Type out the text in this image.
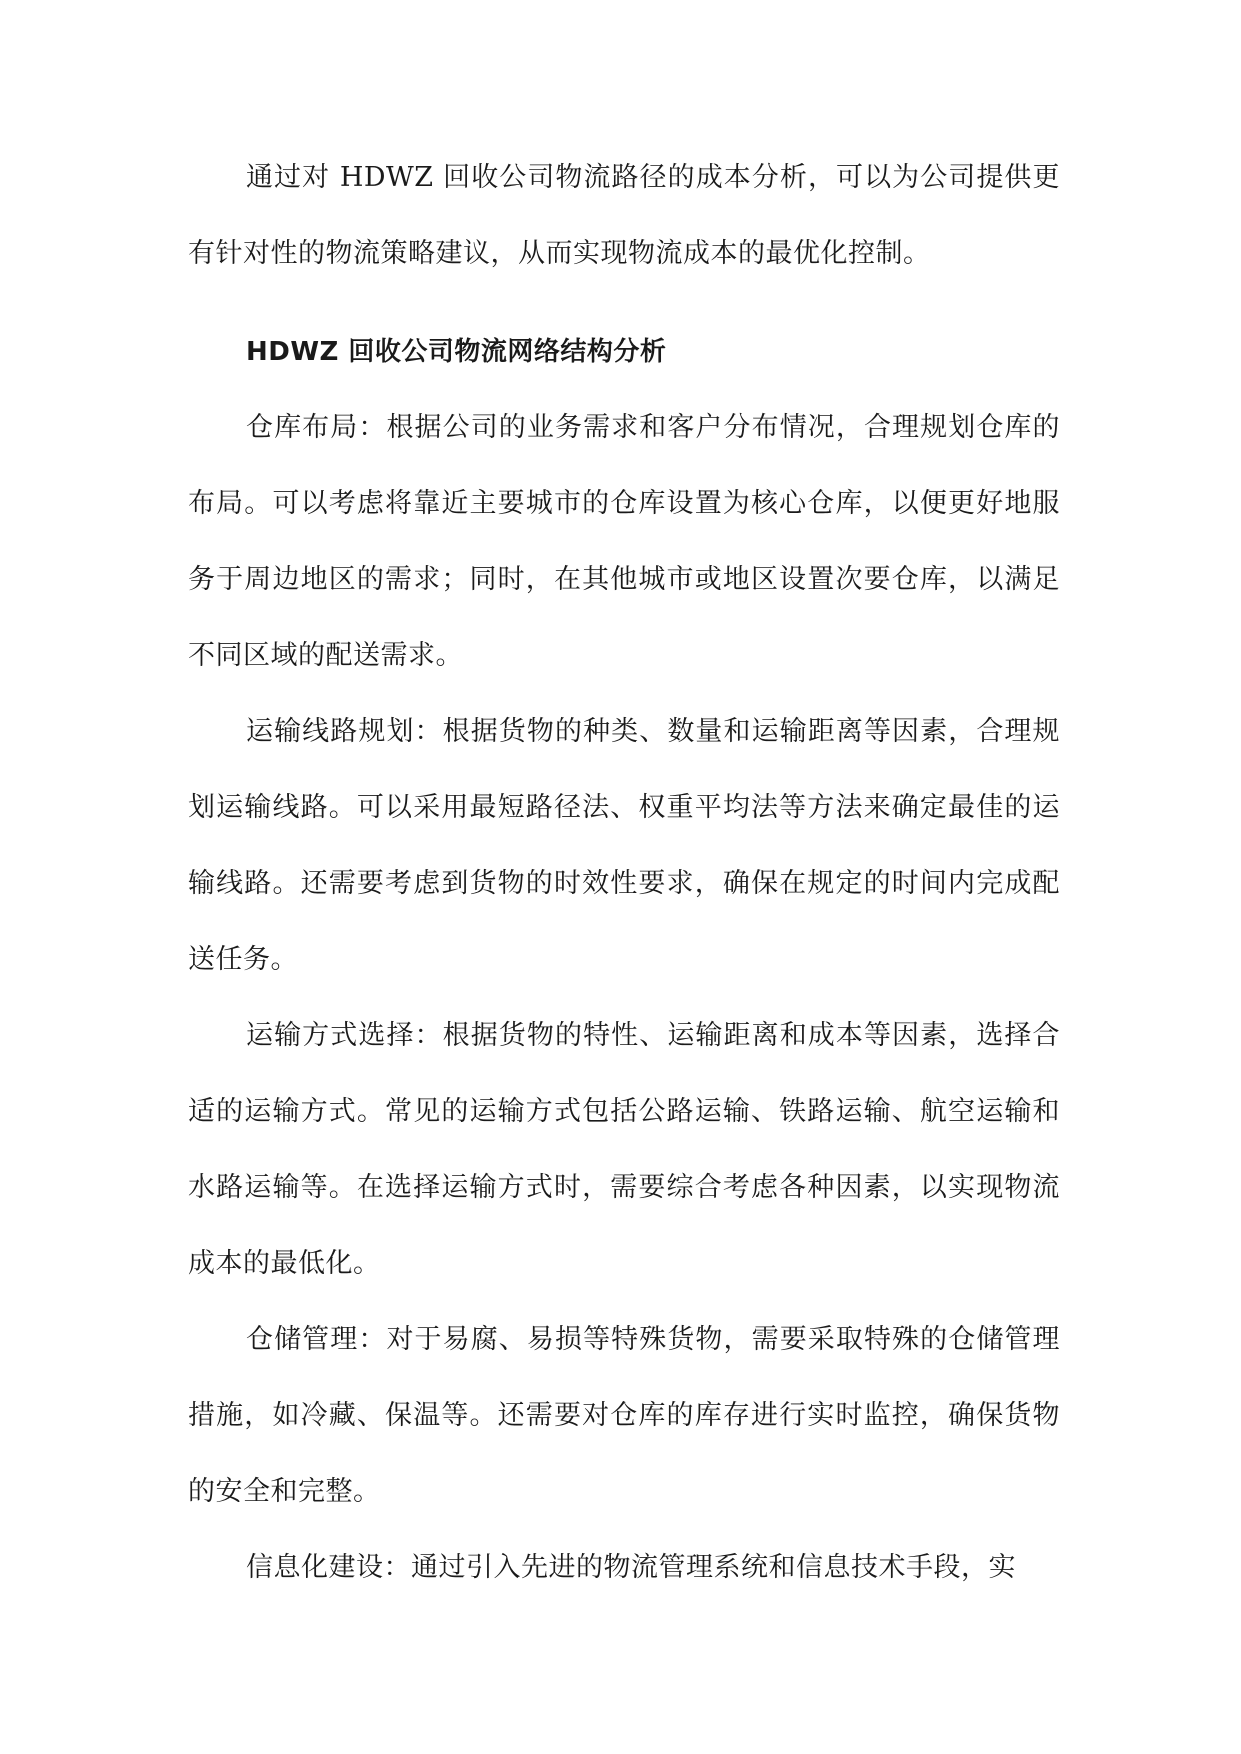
通过对 HDWZ 回收公司物流路径的成本分析，可以为公司提供更有针对性的物流策略建议，从而实现物流成本的最优化控制。

HDWZ 回收公司物流网络结构分析

仓库布局：根据公司的业务需求和客户分布情况，合理规划仓库的布局。可以考虑将靠近主要城市的仓库设置为核心仓库，以便更好地服务于周边地区的需求；同时，在其他城市或地区设置次要仓库，以满足不同区域的配送需求。

运输线路规划：根据货物的种类、数量和运输距离等因素，合理规划运输线路。可以采用最短路径法、权重平均法等方法来确定最佳的运输线路。还需要考虑到货物的时效性要求，确保在规定的时间内完成配送任务。

运输方式选择：根据货物的特性、运输距离和成本等因素，选择合适的运输方式。常见的运输方式包括公路运输、铁路运输、航空运输和水路运输等。在选择运输方式时，需要综合考虑各种因素，以实现物流成本的最低化。

仓储管理：对于易腐、易损等特殊货物，需要采取特殊的仓储管理措施，如冷藏、保温等。还需要对仓库的库存进行实时监控，确保货物的安全和完整。

信息化建设：通过引入先进的物流管理系统和信息技术手段，实
